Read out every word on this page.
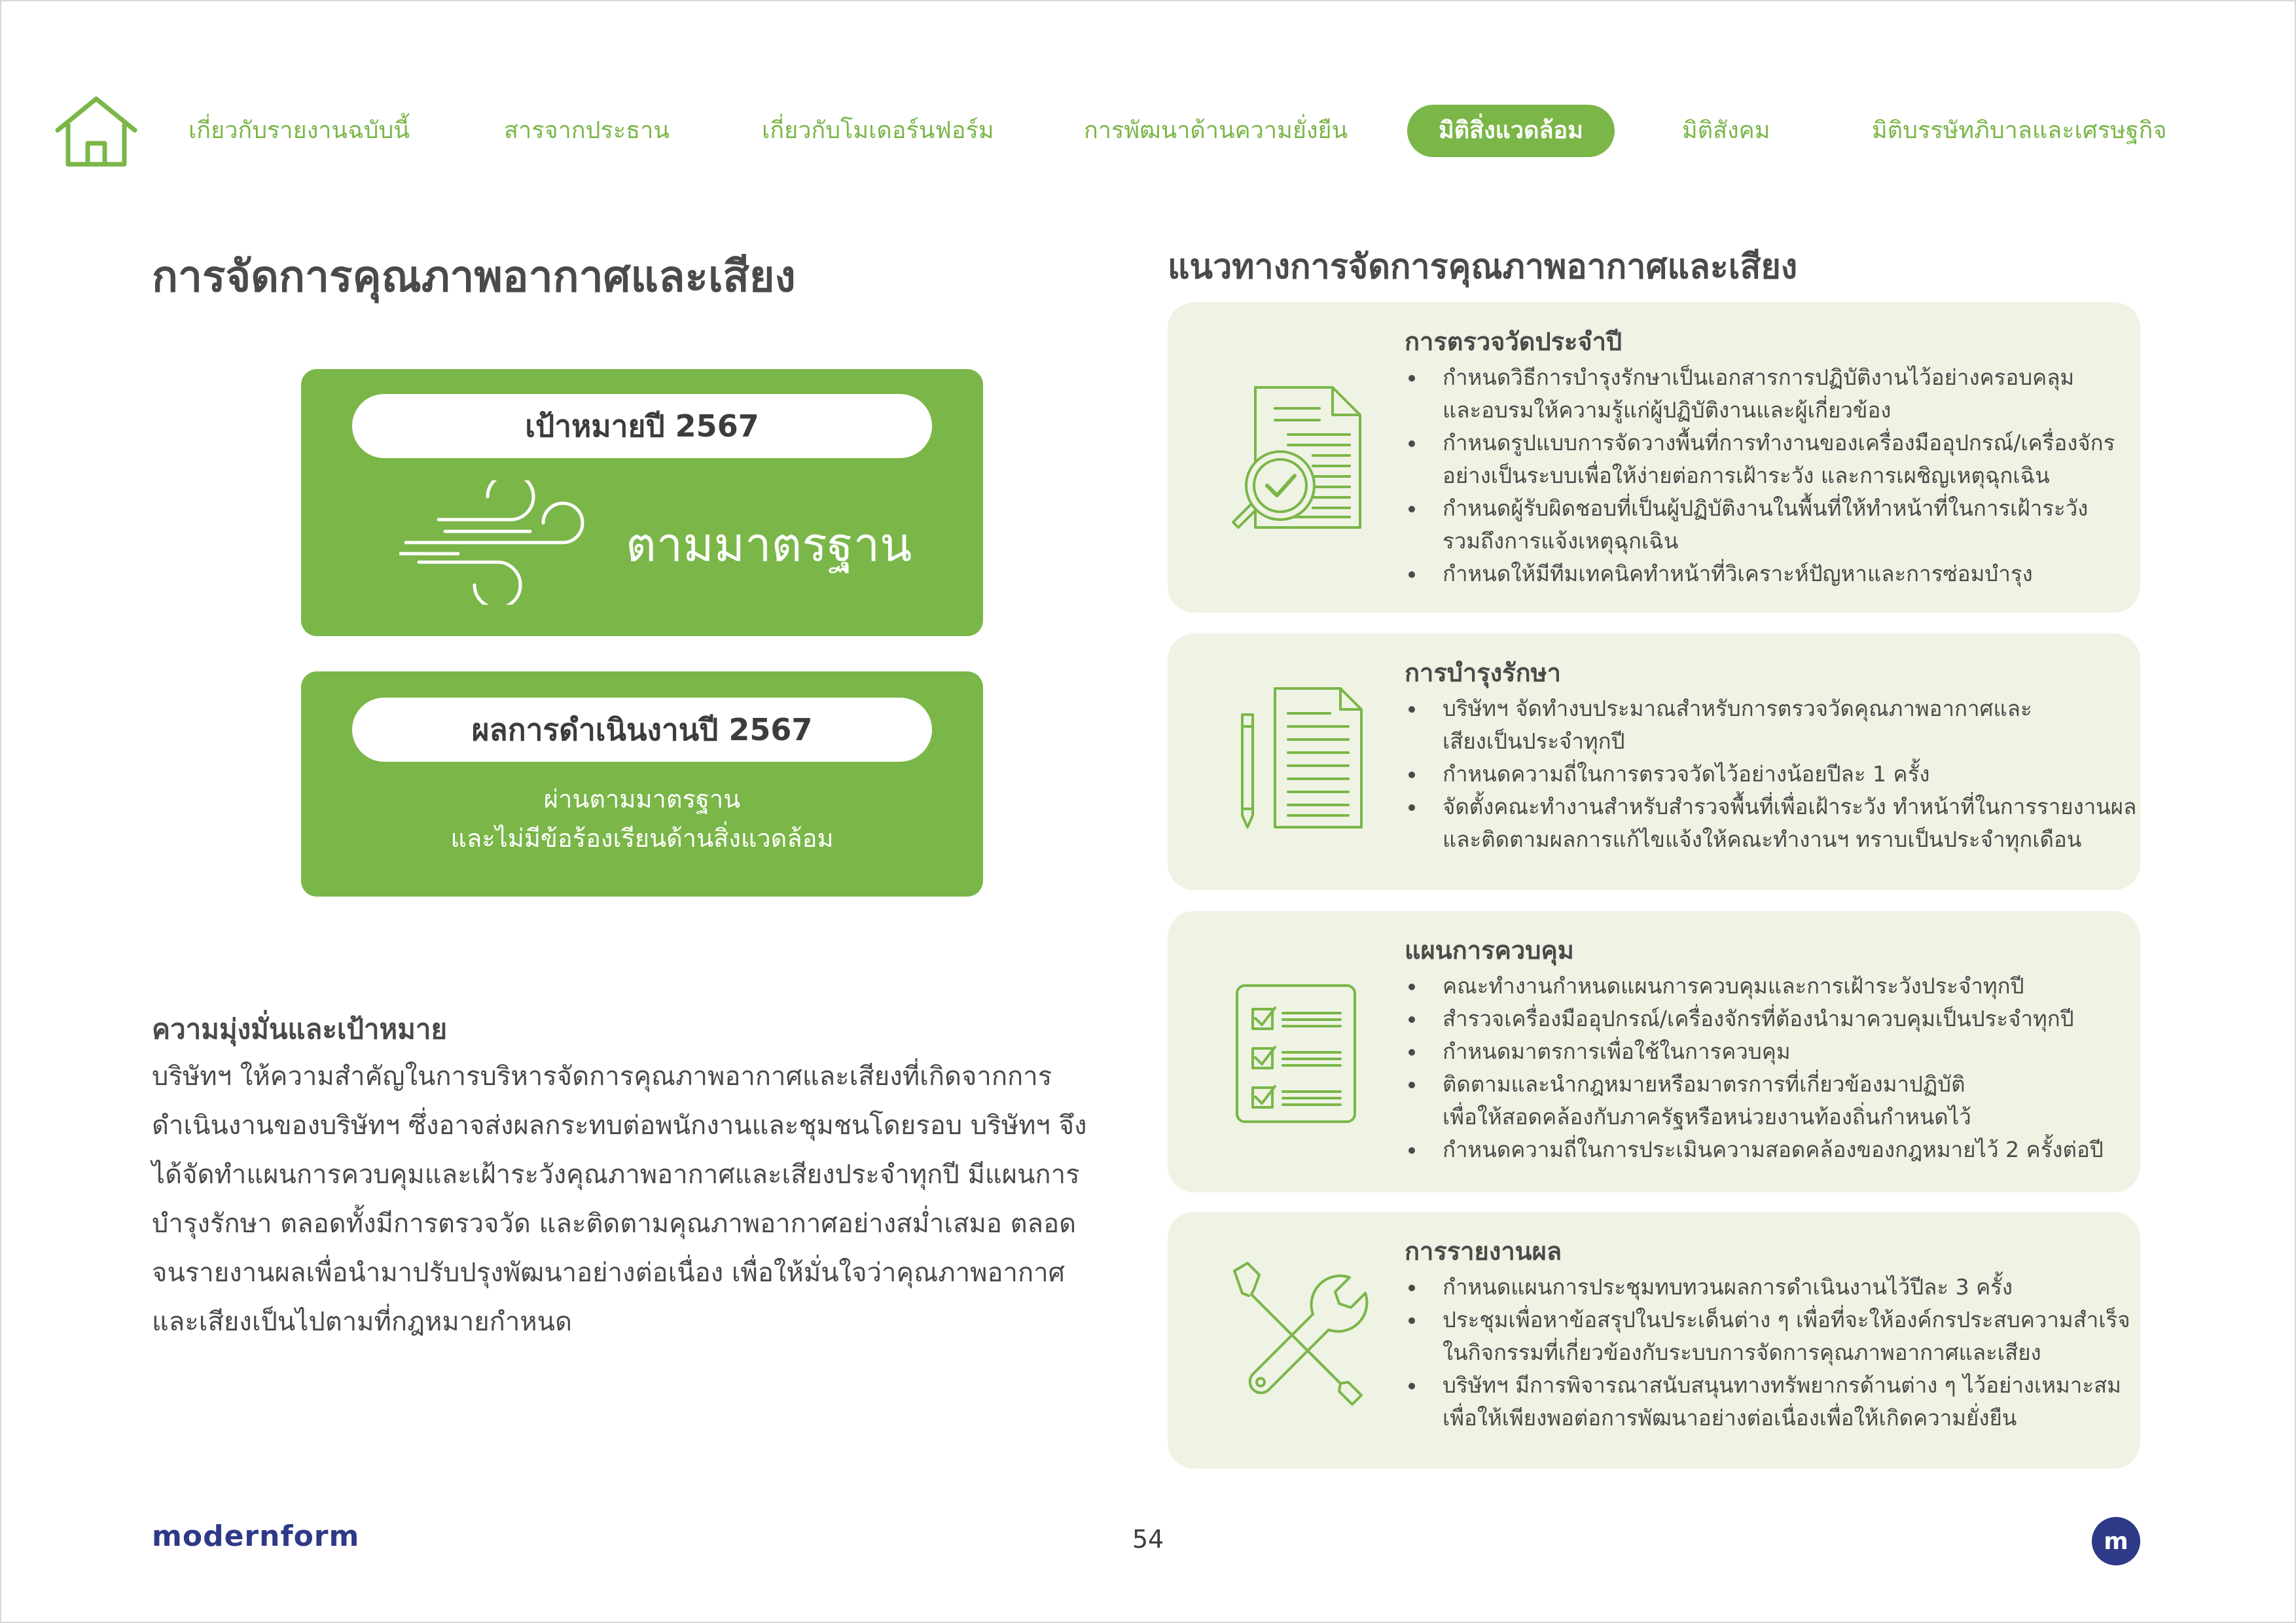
เกี่ยวกับรายงานฉบับนี้	สารจากประธาน	เกี่ยวกับโมเดอร์นฟอร์ม	การพัฒนาด้านความยั่งยืน	มิติสิ่งแวดล้อม	มิติสังคม	มิติบรรษัทภิบาลและเศรษฐกิจ
การจัดการคุณภาพอากาศและเสียง
เป้าหมายปี 2567
ตามมาตรฐาน
ผลการดำเนินงานปี 2567
ผ่านตามมาตรฐาน
และไม่มีข้อร้องเรียนด้านสิ่งแวดล้อม
ความมุ่งมั่นและเป้าหมาย
บริษัทฯ ให้ความสำคัญในการบริหารจัดการคุณภาพอากาศและเสียงที่เกิดจากการ
ดำเนินงานของบริษัทฯ ซึ่งอาจส่งผลกระทบต่อพนักงานและชุมชนโดยรอบ บริษัทฯ จึง
ได้จัดทำแผนการควบคุมและเฝ้าระวังคุณภาพอากาศและเสียงประจำทุกปี มีแผนการ
บำรุงรักษา ตลอดทั้งมีการตรวจวัด และติดตามคุณภาพอากาศอย่างสม่ำเสมอ ตลอด
จนรายงานผลเพื่อนำมาปรับปรุงพัฒนาอย่างต่อเนื่อง เพื่อให้มั่นใจว่าคุณภาพอากาศ
และเสียงเป็นไปตามที่กฎหมายกำหนด
แนวทางการจัดการคุณภาพอากาศและเสียง
การตรวจวัดประจำปี
กำหนดวิธีการบำรุงรักษาเป็นเอกสารการปฏิบัติงานไว้อย่างครอบคลุม
และอบรมให้ความรู้แก่ผู้ปฏิบัติงานและผู้เกี่ยวข้อง
กำหนดรูปแบบการจัดวางพื้นที่การทำงานของเครื่องมืออุปกรณ์/เครื่องจักร
อย่างเป็นระบบเพื่อให้ง่ายต่อการเฝ้าระวัง และการเผชิญเหตุฉุกเฉิน
กำหนดผู้รับผิดชอบที่เป็นผู้ปฏิบัติงานในพื้นที่ให้ทำหน้าที่ในการเฝ้าระวัง
รวมถึงการแจ้งเหตุฉุกเฉิน
กำหนดให้มีทีมเทคนิคทำหน้าที่วิเคราะห์ปัญหาและการซ่อมบำรุง
การบำรุงรักษา
บริษัทฯ จัดทำงบประมาณสำหรับการตรวจวัดคุณภาพอากาศและ
เสียงเป็นประจำทุกปี
กำหนดความถี่ในการตรวจวัดไว้อย่างน้อยปีละ 1 ครั้ง
จัดตั้งคณะทำงานสำหรับสำรวจพื้นที่เพื่อเฝ้าระวัง ทำหน้าที่ในการรายงานผล
และติดตามผลการแก้ไขแจ้งให้คณะทำงานฯ ทราบเป็นประจำทุกเดือน
แผนการควบคุม
คณะทำงานกำหนดแผนการควบคุมและการเฝ้าระวังประจำทุกปี
สำรวจเครื่องมืออุปกรณ์/เครื่องจักรที่ต้องนำมาควบคุมเป็นประจำทุกปี
กำหนดมาตรการเพื่อใช้ในการควบคุม
ติดตามและนำกฎหมายหรือมาตรการที่เกี่ยวข้องมาปฏิบัติ
เพื่อให้สอดคล้องกับภาครัฐหรือหน่วยงานท้องถิ่นกำหนดไว้
กำหนดความถี่ในการประเมินความสอดคล้องของกฎหมายไว้ 2 ครั้งต่อปี
การรายงานผล
กำหนดแผนการประชุมทบทวนผลการดำเนินงานไว้ปีละ 3 ครั้ง
ประชุมเพื่อหาข้อสรุปในประเด็นต่าง ๆ เพื่อที่จะให้องค์กรประสบความสำเร็จ
ในกิจกรรมที่เกี่ยวข้องกับระบบการจัดการคุณภาพอากาศและเสียง
บริษัทฯ มีการพิจารณาสนับสนุนทางทรัพยากรด้านต่าง ๆ ไว้อย่างเหมาะสม
เพื่อให้เพียงพอต่อการพัฒนาอย่างต่อเนื่องเพื่อให้เกิดความยั่งยืน
modernform	54	m
